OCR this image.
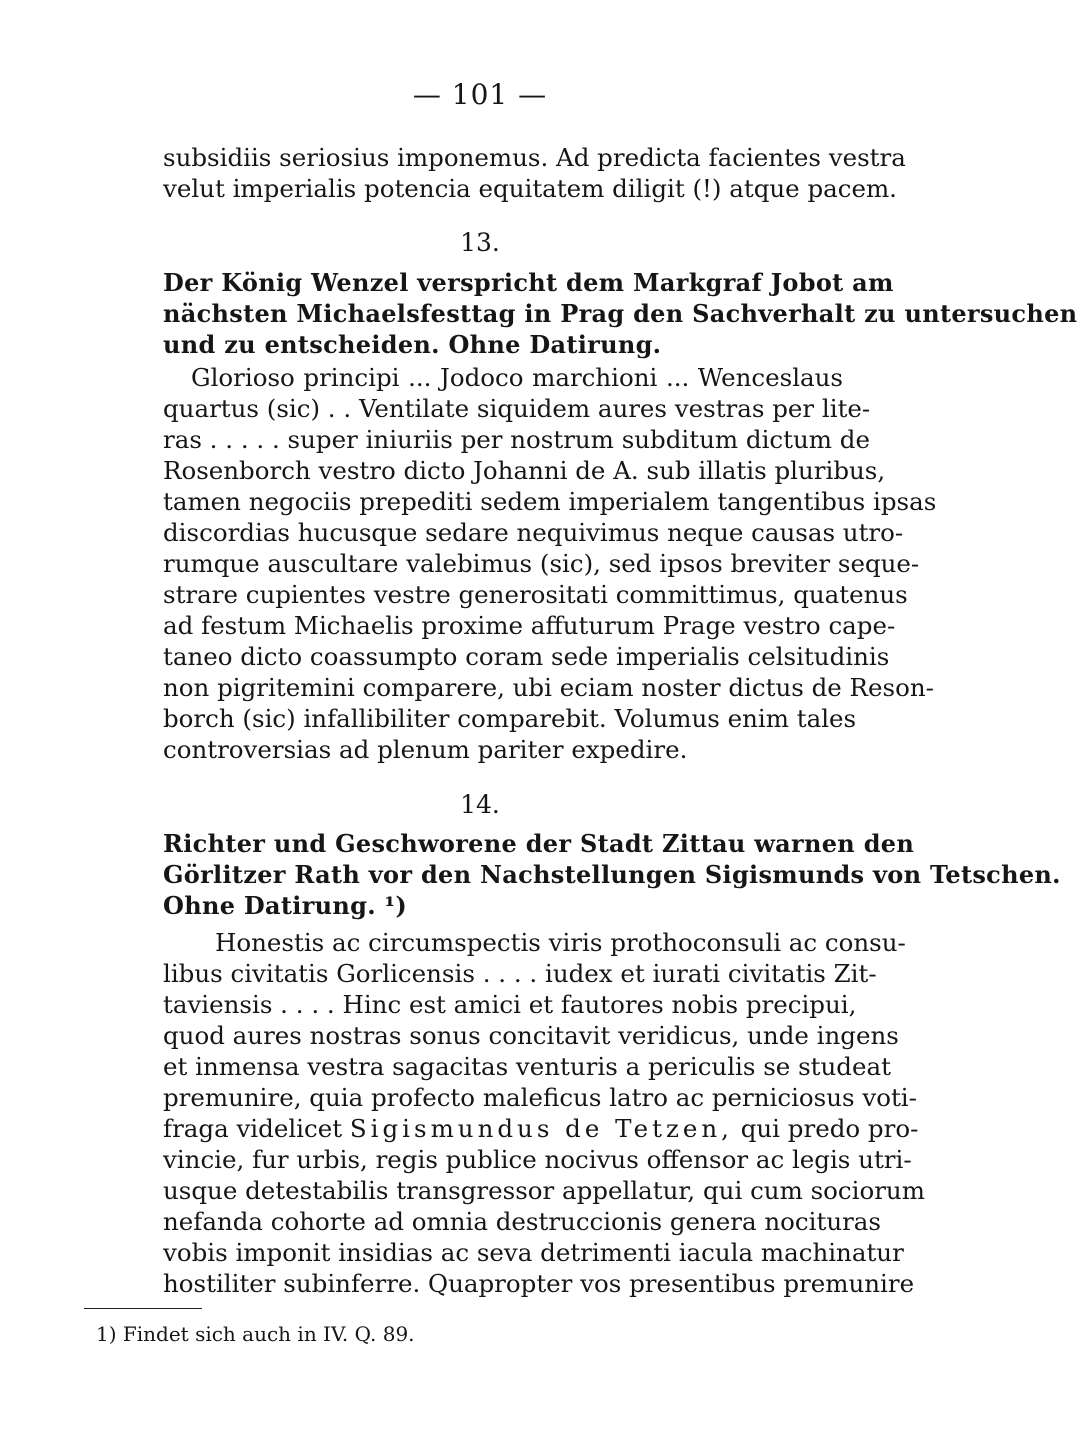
— 101 —
subsidiis seriosius imponemus. Ad predicta facientes vestra
velut imperialis potencia equitatem diligit (!) atque pacem.
13.
Der König Wenzel verspricht dem Markgraf Jobot am
nächsten Michaelsfesttag in Prag den Sachverhalt zu untersuchen
und zu entscheiden. Ohne Datirung.
Glorioso principi ... Jodoco marchioni ... Wenceslaus
quartus (sic) . . Ventilate siquidem aures vestras per lite-
ras . . . . . super iniuriis per nostrum subditum dictum de
Rosenborch vestro dicto Johanni de A. sub illatis pluribus,
tamen negociis prepediti sedem imperialem tangentibus ipsas
discordias hucusque sedare nequivimus neque causas utro-
rumque auscultare valebimus (sic), sed ipsos breviter seque-
strare cupientes vestre generositati committimus, quatenus
ad festum Michaelis proxime affuturum Prage vestro cape-
taneo dicto coassumpto coram sede imperialis celsitudinis
non pigritemini comparere, ubi eciam noster dictus de Reson-
borch (sic) infallibiliter comparebit. Volumus enim tales
controversias ad plenum pariter expedire.
14.
Richter und Geschworene der Stadt Zittau warnen den
Görlitzer Rath vor den Nachstellungen Sigismunds von Tetschen.
Ohne Datirung. ¹)
Honestis ac circumspectis viris prothoconsuli ac consu-
libus civitatis Gorlicensis . . . . iudex et iurati civitatis Zit-
taviensis . . . . Hinc est amici et fautores nobis precipui,
quod aures nostras sonus concitavit veridicus, unde ingens
et inmensa vestra sagacitas venturis a periculis se studeat
premunire, quia profecto maleficus latro ac perniciosus voti-
fraga videlicet Sigismundus de Tetzen, qui predo pro-
vincie, fur urbis, regis publice nocivus offensor ac legis utri-
usque detestabilis transgressor appellatur, qui cum sociorum
nefanda cohorte ad omnia destruccionis genera nocituras
vobis imponit insidias ac seva detrimenti iacula machinatur
hostiliter subinferre. Quapropter vos presentibus premunire
1) Findet sich auch in IV. Q. 89.
